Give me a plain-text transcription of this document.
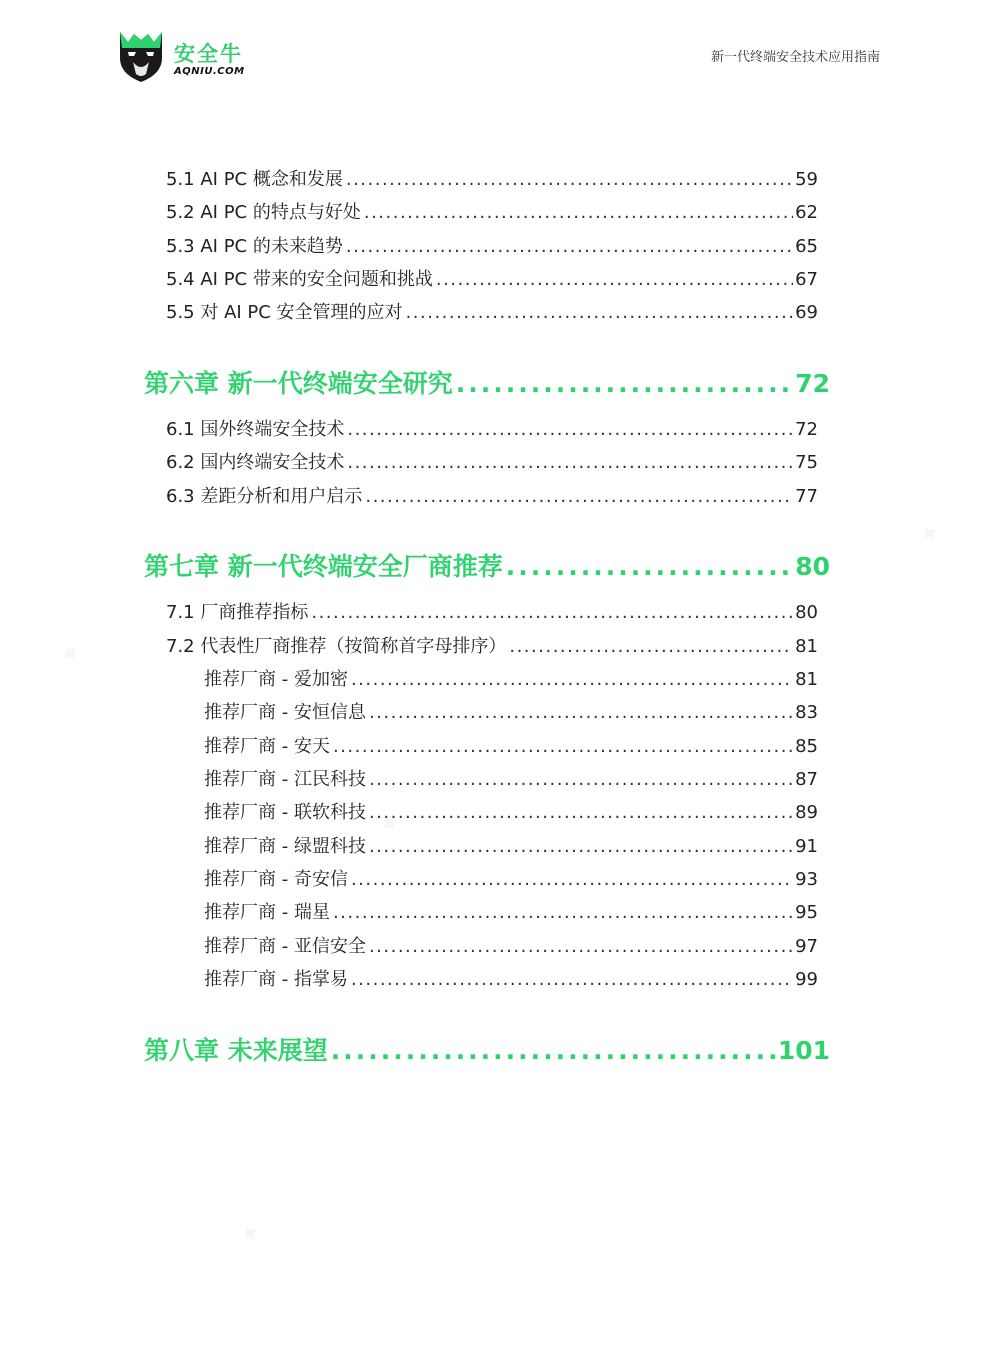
安全牛
AQNIU.COM
新一代终端安全技术应用指南
5.1 AI PC 概念和发展 .....	59
5.2 AI PC 的特点与好处 .....	62
5.3 AI PC 的未来趋势 .....	65
5.4 AI PC 带来的安全问题和挑战 .....	67
5.5 对 AI PC 安全管理的应对 .....	69
第六章 新一代终端安全研究 .....	72
6.1 国外终端安全技术 .....	72
6.2 国内终端安全技术 .....	75
6.3 差距分析和用户启示 .....	77
第七章 新一代终端安全厂商推荐 .....	80
7.1 厂商推荐指标 .....	80
7.2 代表性厂商推荐（按简称首字母排序） .....	81
推荐厂商 - 爱加密 .....	81
推荐厂商 - 安恒信息 .....	83
推荐厂商 - 安天 .....	85
推荐厂商 - 江民科技 .....	87
推荐厂商 - 联软科技 .....	89
推荐厂商 - 绿盟科技 .....	91
推荐厂商 - 奇安信 .....	93
推荐厂商 - 瑞星 .....	95
推荐厂商 - 亚信安全 .....	97
推荐厂商 - 指掌易 .....	99
第八章 未来展望 .....	101
